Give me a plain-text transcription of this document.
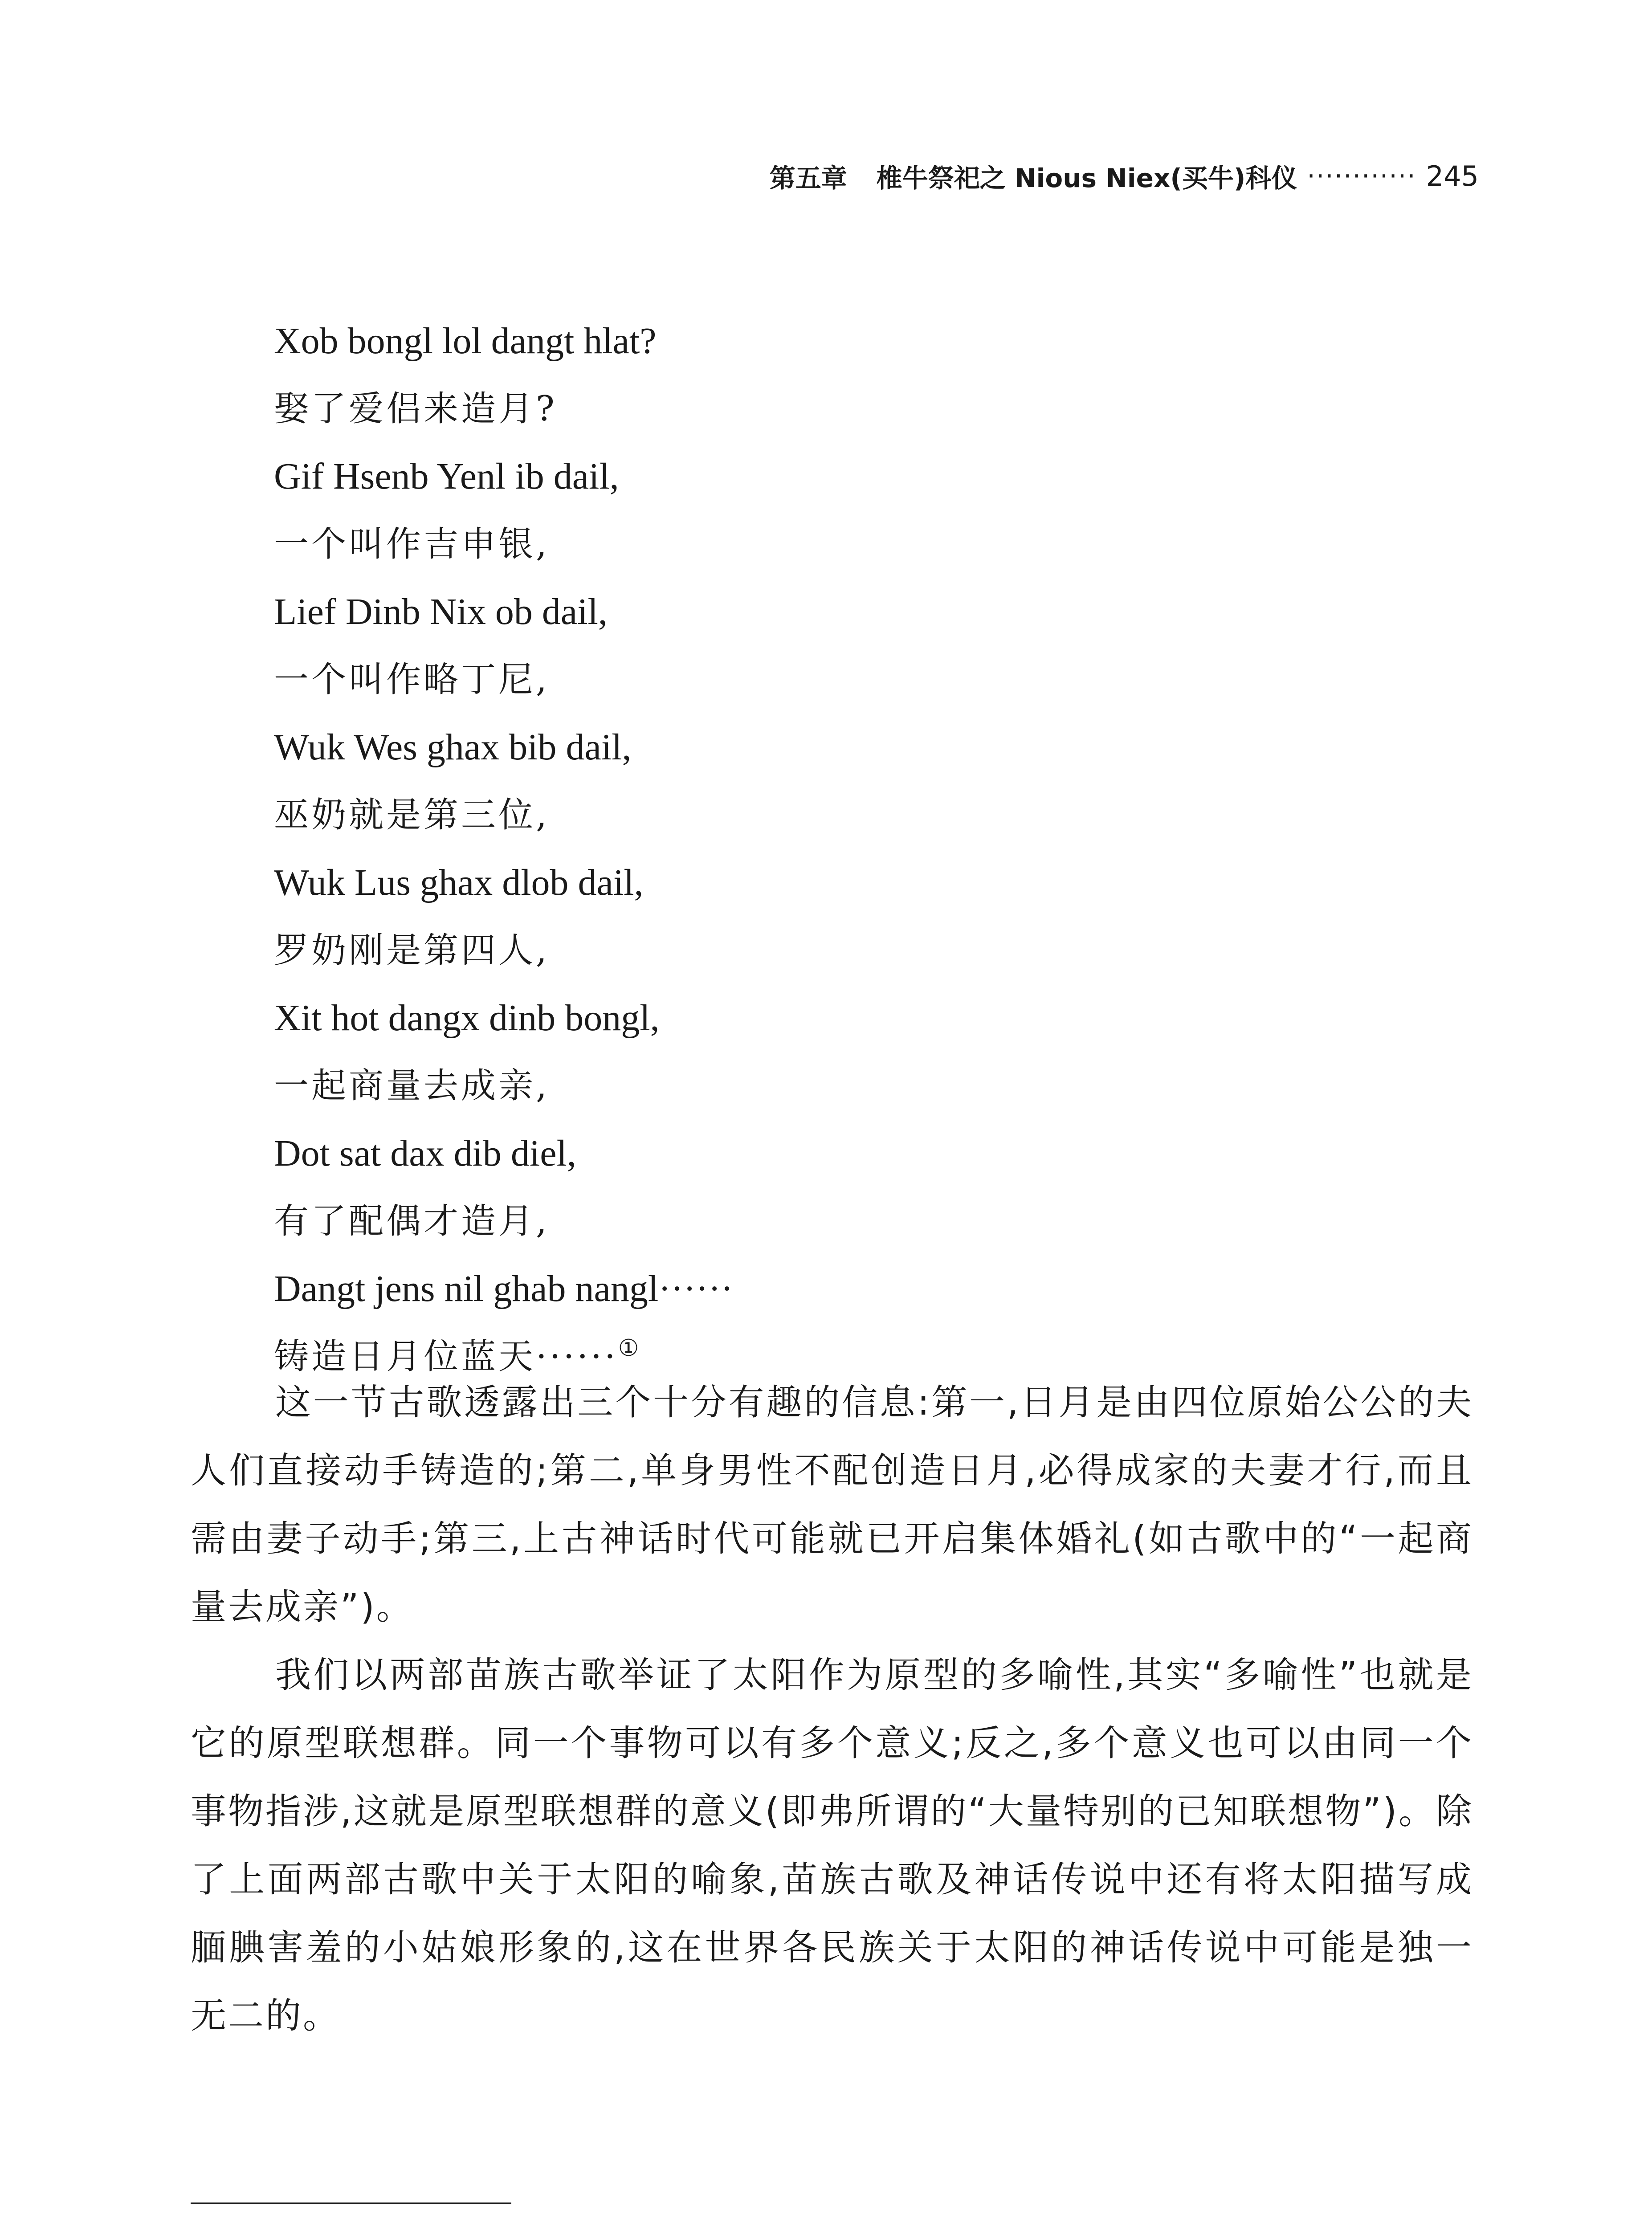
第五章 椎牛祭祀之 Nious Niex(买牛)科仪 ············ 245
Xob bongl lol dangt hlat?
娶了爱侣来造月?
Gif Hsenb Yenl ib dail,
一个叫作吉申银,
Lief Dinb Nix ob dail,
一个叫作略丁尼,
Wuk Wes ghax bib dail,
巫奶就是第三位,
Wuk Lus ghax dlob dail,
罗奶刚是第四人,
Xit hot dangx dinb bongl,
一起商量去成亲,
Dot sat dax dib diel,
有了配偶才造月,
Dangt jens nil ghab nangl······
铸造日月位蓝天······①

这一节古歌透露出三个十分有趣的信息:第一,日月是由四位原始公公的夫人们直接动手铸造的;第二,单身男性不配创造日月,必得成家的夫妻才行,而且需由妻子动手;第三,上古神话时代可能就已开启集体婚礼(如古歌中的“一起商量去成亲”)。

我们以两部苗族古歌举证了太阳作为原型的多喻性,其实“多喻性”也就是它的原型联想群。同一个事物可以有多个意义;反之,多个意义也可以由同一个事物指涉,这就是原型联想群的意义(即弗所谓的“大量特别的已知联想物”)。除了上面两部古歌中关于太阳的喻象,苗族古歌及神话传说中还有将太阳描写成腼腆害羞的小姑娘形象的,这在世界各民族关于太阳的神话传说中可能是独一无二的。
